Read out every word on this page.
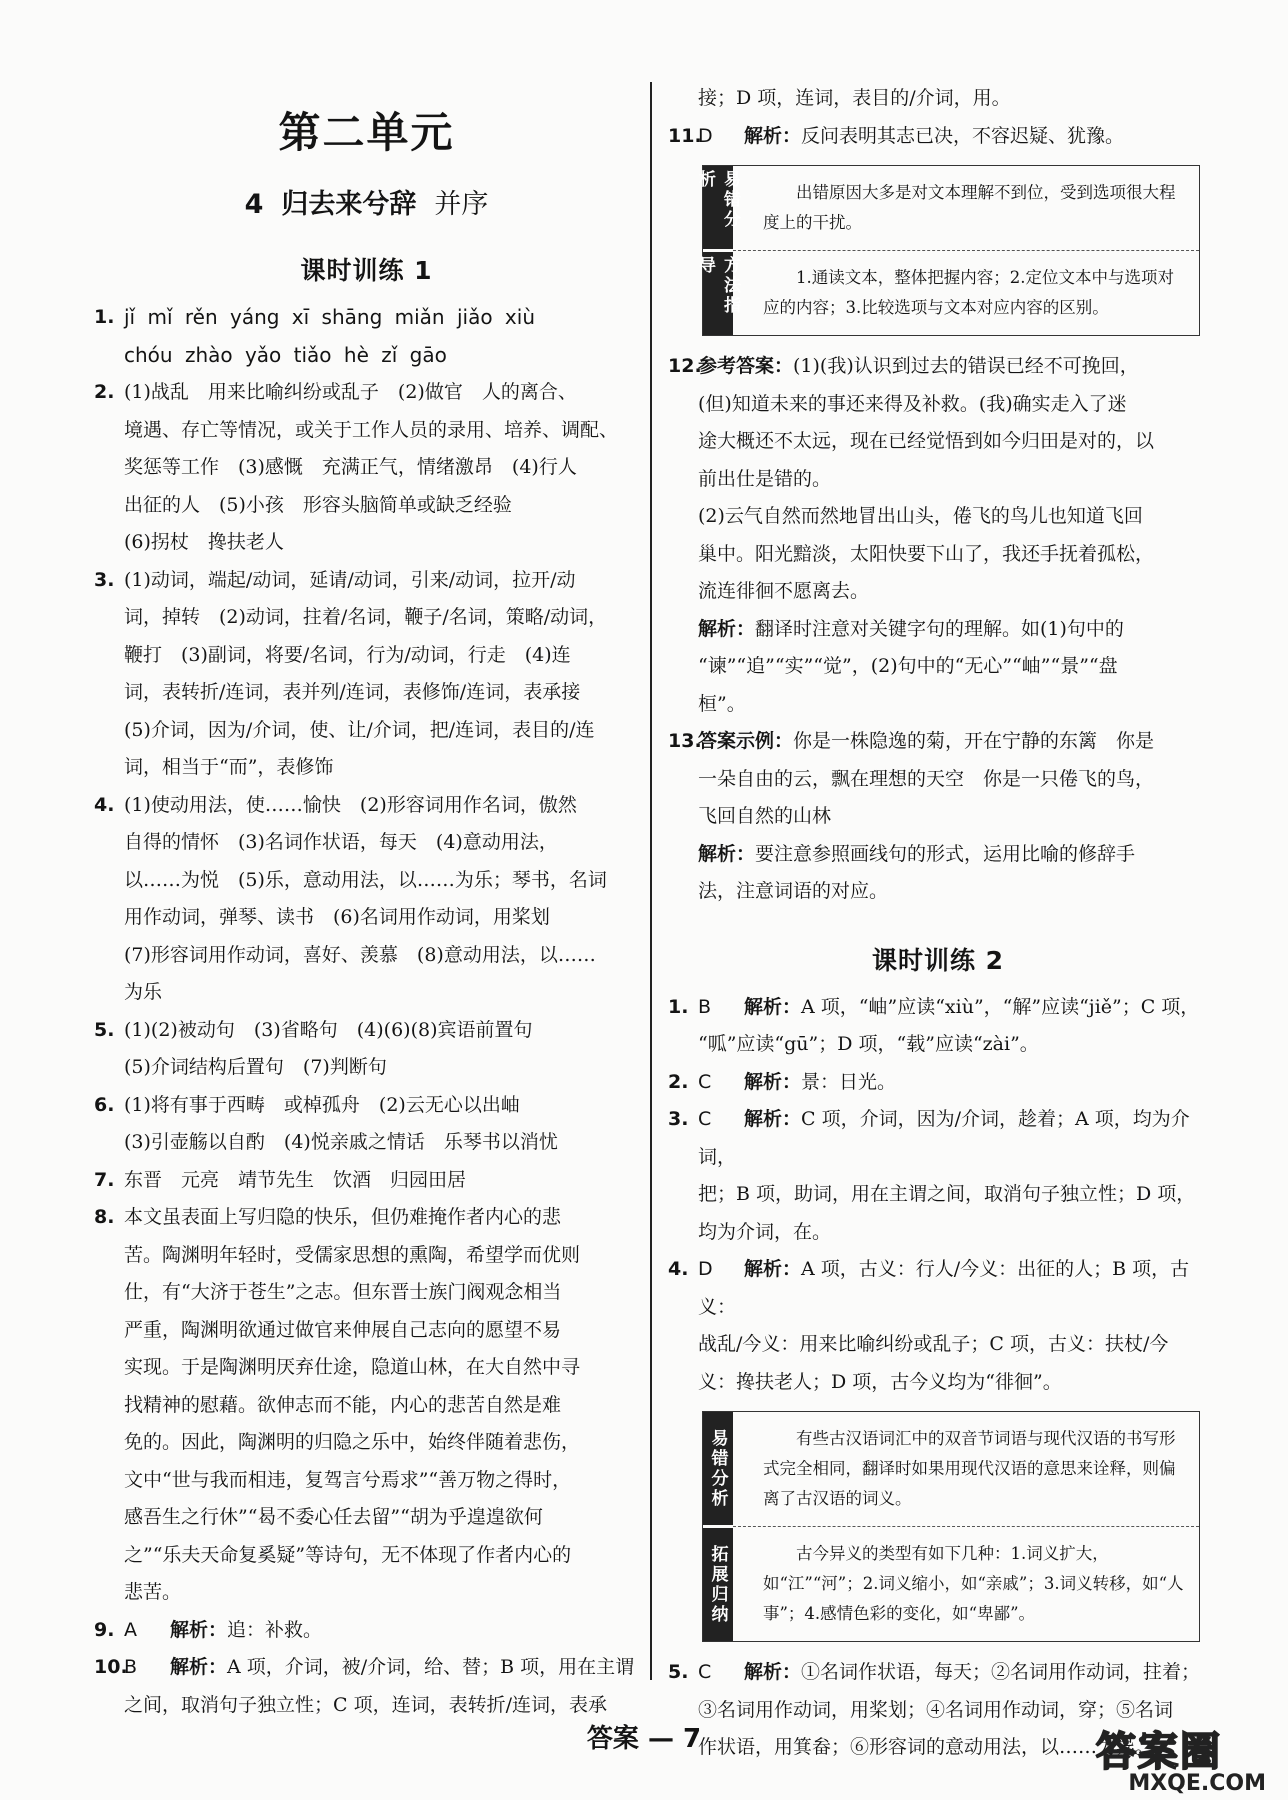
第二单元
4 归去来兮辞 并序
课时训练 1
1. jǐ mǐ rěn yáng xī shāng miǎn jiǎo xiù
chóu zhào yǎo tiǎo hè zǐ gāo
2. (1)战乱　用来比喻纠纷或乱子　(2)做官　人的离合、
境遇、存亡等情况，或关于工作人员的录用、培养、调配、
奖惩等工作　(3)感慨　充满正气，情绪激昂　(4)行人
出征的人　(5)小孩　形容头脑简单或缺乏经验
(6)拐杖　搀扶老人
3. (1)动词，端起/动词，延请/动词，引来/动词，拉开/动
词，掉转　(2)动词，拄着/名词，鞭子/名词，策略/动词，
鞭打　(3)副词，将要/名词，行为/动词，行走　(4)连
词，表转折/连词，表并列/连词，表修饰/连词，表承接
(5)介词，因为/介词，使、让/介词，把/连词，表目的/连
词，相当于“而”，表修饰
4. (1)使动用法，使……愉快　(2)形容词用作名词，傲然
自得的情怀　(3)名词作状语，每天　(4)意动用法，
以……为悦　(5)乐，意动用法，以……为乐；琴书，名词
用作动词，弹琴、读书　(6)名词用作动词，用桨划
(7)形容词用作动词，喜好、羡慕　(8)意动用法，以……
为乐
5. (1)(2)被动句　(3)省略句　(4)(6)(8)宾语前置句
(5)介词结构后置句　(7)判断句
6. (1)将有事于西畴　或棹孤舟　(2)云无心以出岫
(3)引壶觞以自酌　(4)悦亲戚之情话　乐琴书以消忧
7. 东晋　元亮　靖节先生　饮酒　归园田居
8. 本文虽表面上写归隐的快乐，但仍难掩作者内心的悲
苦。陶渊明年轻时，受儒家思想的熏陶，希望学而优则
仕，有“大济于苍生”之志。但东晋士族门阀观念相当
严重，陶渊明欲通过做官来伸展自己志向的愿望不易
实现。于是陶渊明厌弃仕途，隐道山林，在大自然中寻
找精神的慰藉。欲伸志而不能，内心的悲苦自然是难
免的。因此，陶渊明的归隐之乐中，始终伴随着悲伤，
文中“世与我而相违，复驾言兮焉求”“善万物之得时，
感吾生之行休”“曷不委心任去留”“胡为乎遑遑欲何
之”“乐夫天命复奚疑”等诗句，无不体现了作者内心的
悲苦。
9. A 解析：追：补救。
10.
B 解析：A 项，介词，被/介词，给、替；B 项，用在主谓
之间，取消句子独立性；C 项，连词，表转折/连词，表承
接；D 项，连词，表目的/介词，用。
11.
D 解析：反问表明其志已决，不容迟疑、犹豫。
易错分析
方法指导
出错原因大多是对文本理解不到位，受到选项很大程度上的干扰。
1.通读文本，整体把握内容；2.定位文本中与选项对应的内容；3.比较选项与文本对应内容的区别。
12.
参考答案：(1)(我)认识到过去的错误已经不可挽回，
(但)知道未来的事还来得及补救。(我)确实走入了迷
途大概还不太远，现在已经觉悟到如今归田是对的，以
前出仕是错的。
(2)云气自然而然地冒出山头，倦飞的鸟儿也知道飞回
巢中。阳光黯淡，太阳快要下山了，我还手抚着孤松，
流连徘徊不愿离去。
解析：翻译时注意对关键字句的理解。如(1)句中的
“谏”“追”“实”“觉”，(2)句中的“无心”“岫”“景”“盘
桓”。
13.
答案示例：你是一株隐逸的菊，开在宁静的东篱　你是
一朵自由的云，飘在理想的天空　你是一只倦飞的鸟，
飞回自然的山林
解析：要注意参照画线句的形式，运用比喻的修辞手
法，注意词语的对应。
课时训练 2
1. B 解析：A 项，“岫”应读“xiù”，“解”应读“jiě”；C 项，
“呱”应读“gū”；D 项，“载”应读“zài”。
2. C 解析：景：日光。
3. C 解析：C 项，介词，因为/介词，趁着；A 项，均为介词，
把；B 项，助词，用在主谓之间，取消句子独立性；D 项，
均为介词，在。
4. D 解析：A 项，古义：行人/今义：出征的人；B 项，古义：
战乱/今义：用来比喻纠纷或乱子；C 项，古义：扶杖/今
义：搀扶老人；D 项，古今义均为“徘徊”。
易错分析
拓展归纳
有些古汉语词汇中的双音节词语与现代汉语的书写形式完全相同，翻译时如果用现代汉语的意思来诠释，则偏离了古汉语的词义。
古今异义的类型有如下几种：1.词义扩大，如“江”“河”；2.词义缩小，如“亲戚”；3.词义转移，如“人事”；4.感情色彩的变化，如“卑鄙”。
5. C 解析：①名词作状语，每天；②名词用作动词，拄着；
③名词用作动词，用桨划；④名词用作动词，穿；⑤名词
作状语，用箕畚；⑥形容词的意动用法，以……为异。
答案 — 7	答案圈
MXQE.COM
